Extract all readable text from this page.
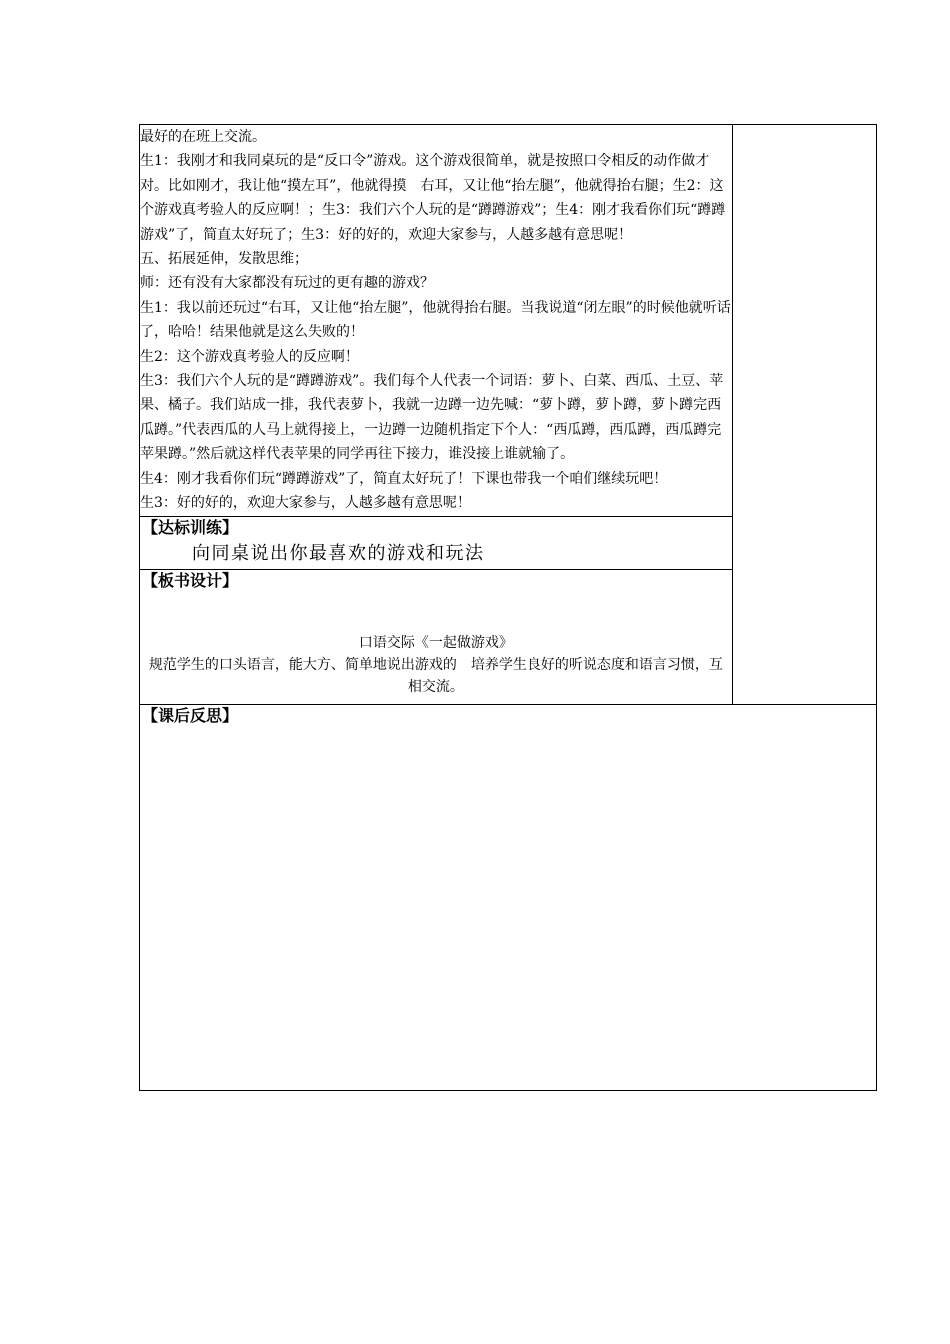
最好的在班上交流。

生1：我刚才和我同桌玩的是“反口令”游戏。这个游戏很简单，就是按照口令相反的动作做才对。比如刚才，我让他“摸左耳”，他就得摸　右耳，又让他“抬左腿”，他就得抬右腿；生2：这个游戏真考验人的反应啊！；生3：我们六个人玩的是“蹲蹲游戏”；生4：刚才我看你们玩“蹲蹲游戏”了，简直太好玩了；生3：好的好的，欢迎大家参与，人越多越有意思呢！

五、拓展延伸，发散思维；

师：还有没有大家都没有玩过的更有趣的游戏？

生1：我以前还玩过“右耳，又让他“抬左腿”，他就得抬右腿。当我说道“闭左眼”的时候他就听话了，哈哈！结果他就是这么失败的！

生2：这个游戏真考验人的反应啊！

生3：我们六个人玩的是“蹲蹲游戏”。我们每个人代表一个词语：萝卜、白菜、西瓜、土豆、苹果、橘子。我们站成一排，我代表萝卜，我就一边蹲一边先喊：“萝卜蹲，萝卜蹲，萝卜蹲完西瓜蹲。”代表西瓜的人马上就得接上，一边蹲一边随机指定下个人：“西瓜蹲，西瓜蹲，西瓜蹲完苹果蹲。”然后就这样代表苹果的同学再往下接力，谁没接上谁就输了。

生4：刚才我看你们玩“蹲蹲游戏”了，简直太好玩了！下课也带我一个咱们继续玩吧！

生3：好的好的，欢迎大家参与，人越多越有意思呢！

【达标训练】

向同桌说出你最喜欢的游戏和玩法

【板书设计】

口语交际《一起做游戏》

规范学生的口头语言，能大方、简单地说出游戏的　培养学生良好的听说态度和语言习惯，互相交流。

【课后反思】
